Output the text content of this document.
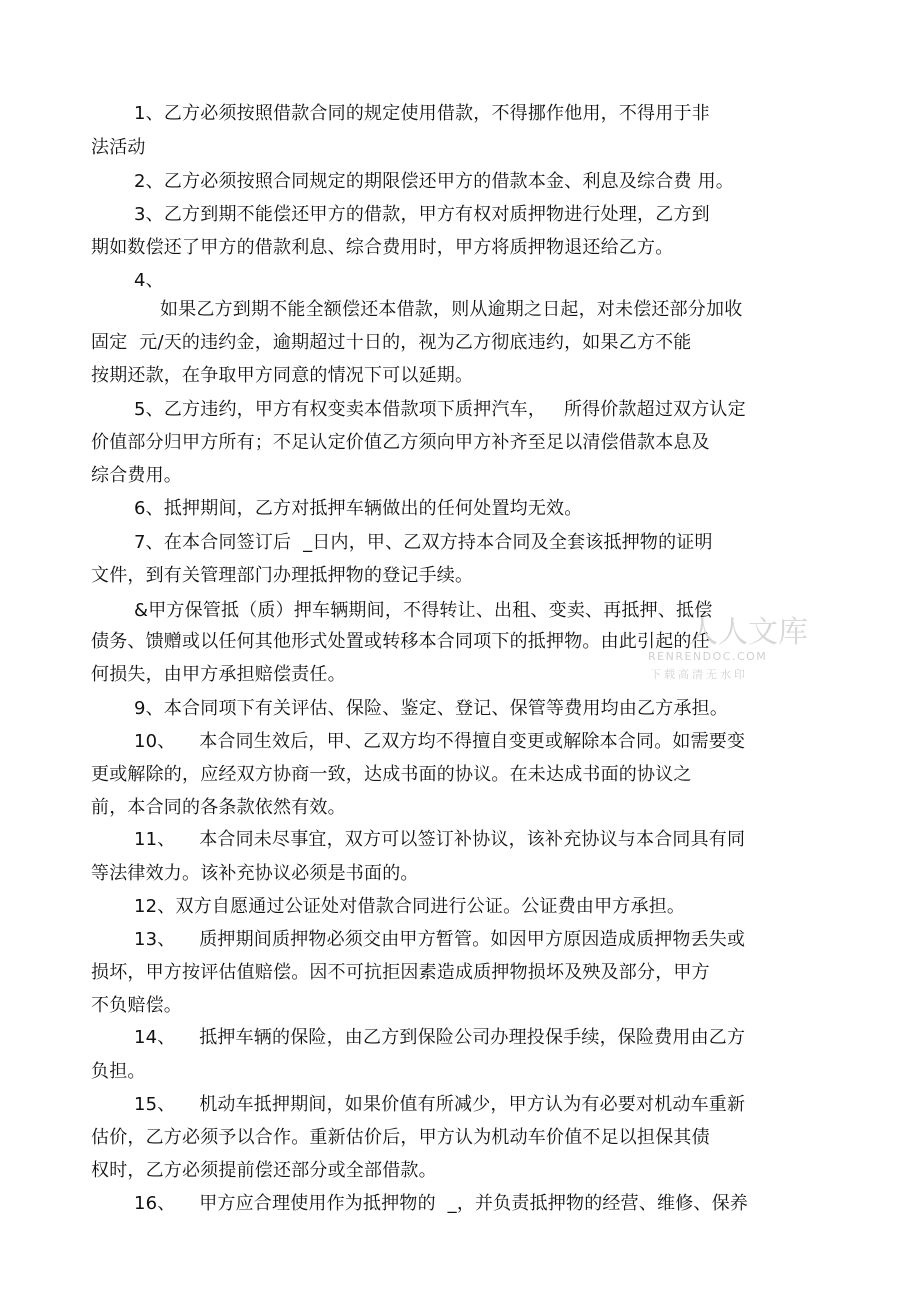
1、乙方必须按照借款合同的规定使用借款，不得挪作他用，不得用于非
法活动
2、乙方必须按照合同规定的期限偿还甲方的借款本金、利息及综合费 用。
3、乙方到期不能偿还甲方的借款，甲方有权对质押物进行处理，乙方到
期如数偿还了甲方的借款利息、综合费用时，甲方将质押物退还给乙方。
4、
如果乙方到期不能全额偿还本借款，则从逾期之日起，对未偿还部分加收
固定  元/天的违约金，逾期超过十日的，视为乙方彻底违约，如果乙方不能
按期还款，在争取甲方同意的情况下可以延期。
5、乙方违约，甲方有权变卖本借款项下质押汽车，   所得价款超过双方认定
价值部分归甲方所有；不足认定价值乙方须向甲方补齐至足以清偿借款本息及
综合费用。
6、抵押期间，乙方对抵押车辆做出的任何处置均无效。
7、在本合同签订后  _日内，甲、乙双方持本合同及全套该抵押物的证明
文件，到有关管理部门办理抵押物的登记手续。
&甲方保管抵（质）押车辆期间，不得转让、出租、变卖、再抵押、抵偿
债务、馈赠或以任何其他形式处置或转移本合同项下的抵押物。由此引起的任
何损失，由甲方承担赔偿责任。
9、本合同项下有关评估、保险、鉴定、登记、保管等费用均由乙方承担。
10、    本合同生效后，甲、乙双方均不得擅自变更或解除本合同。如需要变
更或解除的，应经双方协商一致，达成书面的协议。在未达成书面的协议之
前，本合同的各条款依然有效。
11、    本合同未尽事宜，双方可以签订补协议，该补充协议与本合同具有同
等法律效力。该补充协议必须是书面的。
12、双方自愿通过公证处对借款合同进行公证。公证费由甲方承担。
13、    质押期间质押物必须交由甲方暂管。如因甲方原因造成质押物丢失或
损坏，甲方按评估值赔偿。因不可抗拒因素造成质押物损坏及殃及部分，甲方
不负赔偿。
14、    抵押车辆的保险，由乙方到保险公司办理投保手续，保险费用由乙方
负担。
15、    机动车抵押期间，如果价值有所减少，甲方认为有必要对机动车重新
估价，乙方必须予以合作。重新估价后，甲方认为机动车价值不足以担保其债
权时，乙方必须提前偿还部分或全部借款。
16、    甲方应合理使用作为抵押物的  _，并负责抵押物的经营、维修、保养
人人文库
RENRENDOC.COM
下载高清无水印
